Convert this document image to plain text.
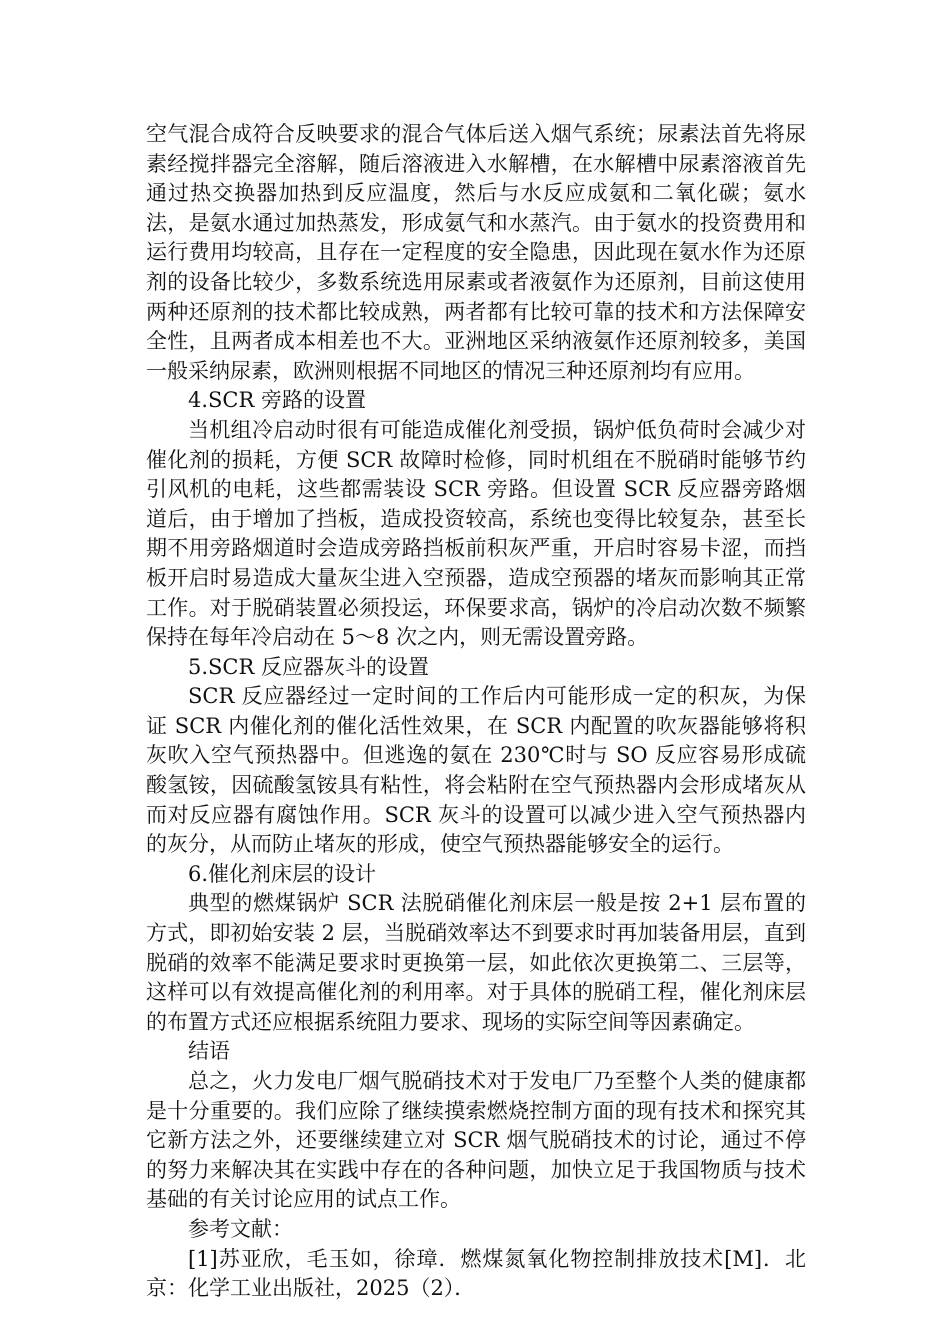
空气混合成符合反映要求的混合气体后送入烟气系统；尿素法首先将尿素经搅拌器完全溶解，随后溶液进入水解槽，在水解槽中尿素溶液首先通过热交换器加热到反应温度，然后与水反应成氨和二氧化碳；氨水法，是氨水通过加热蒸发，形成氨气和水蒸汽。由于氨水的投资费用和运行费用均较高，且存在一定程度的安全隐患，因此现在氨水作为还原剂的设备比较少，多数系统选用尿素或者液氨作为还原剂，目前这使用两种还原剂的技术都比较成熟，两者都有比较可靠的技术和方法保障安全性，且两者成本相差也不大。亚洲地区采纳液氨作还原剂较多，美国一般采纳尿素，欧洲则根据不同地区的情况三种还原剂均有应用。

4.SCR 旁路的设置

当机组冷启动时很有可能造成催化剂受损，锅炉低负荷时会减少对催化剂的损耗，方便 SCR 故障时检修，同时机组在不脱硝时能够节约引风机的电耗，这些都需装设 SCR 旁路。但设置 SCR 反应器旁路烟道后，由于增加了挡板，造成投资较高，系统也变得比较复杂，甚至长期不用旁路烟道时会造成旁路挡板前积灰严重，开启时容易卡涩，而挡板开启时易造成大量灰尘进入空预器，造成空预器的堵灰而影响其正常工作。对于脱硝装置必须投运，环保要求高，锅炉的冷启动次数不频繁保持在每年冷启动在 5～8 次之内，则无需设置旁路。

5.SCR 反应器灰斗的设置

SCR 反应器经过一定时间的工作后内可能形成一定的积灰，为保证 SCR 内催化剂的催化活性效果，在 SCR 内配置的吹灰器能够将积灰吹入空气预热器中。但逃逸的氨在 230℃时与 SO 反应容易形成硫酸氢铵，因硫酸氢铵具有粘性，将会粘附在空气预热器内会形成堵灰从而对反应器有腐蚀作用。SCR 灰斗的设置可以减少进入空气预热器内的灰分，从而防止堵灰的形成，使空气预热器能够安全的运行。

6.催化剂床层的设计

典型的燃煤锅炉 SCR 法脱硝催化剂床层一般是按 2+1 层布置的方式，即初始安装 2 层，当脱硝效率达不到要求时再加装备用层，直到脱硝的效率不能满足要求时更换第一层，如此依次更换第二、三层等，这样可以有效提高催化剂的利用率。对于具体的脱硝工程，催化剂床层的布置方式还应根据系统阻力要求、现场的实际空间等因素确定。

结语

总之，火力发电厂烟气脱硝技术对于发电厂乃至整个人类的健康都是十分重要的。我们应除了继续摸索燃烧控制方面的现有技术和探究其它新方法之外，还要继续建立对 SCR 烟气脱硝技术的讨论，通过不停的努力来解决其在实践中存在的各种问题，加快立足于我国物质与技术基础的有关讨论应用的试点工作。

参考文献：

[1]苏亚欣，毛玉如，徐璋．燃煤氮氧化物控制排放技术[M]．北京：化学工业出版社，2025（2）．
